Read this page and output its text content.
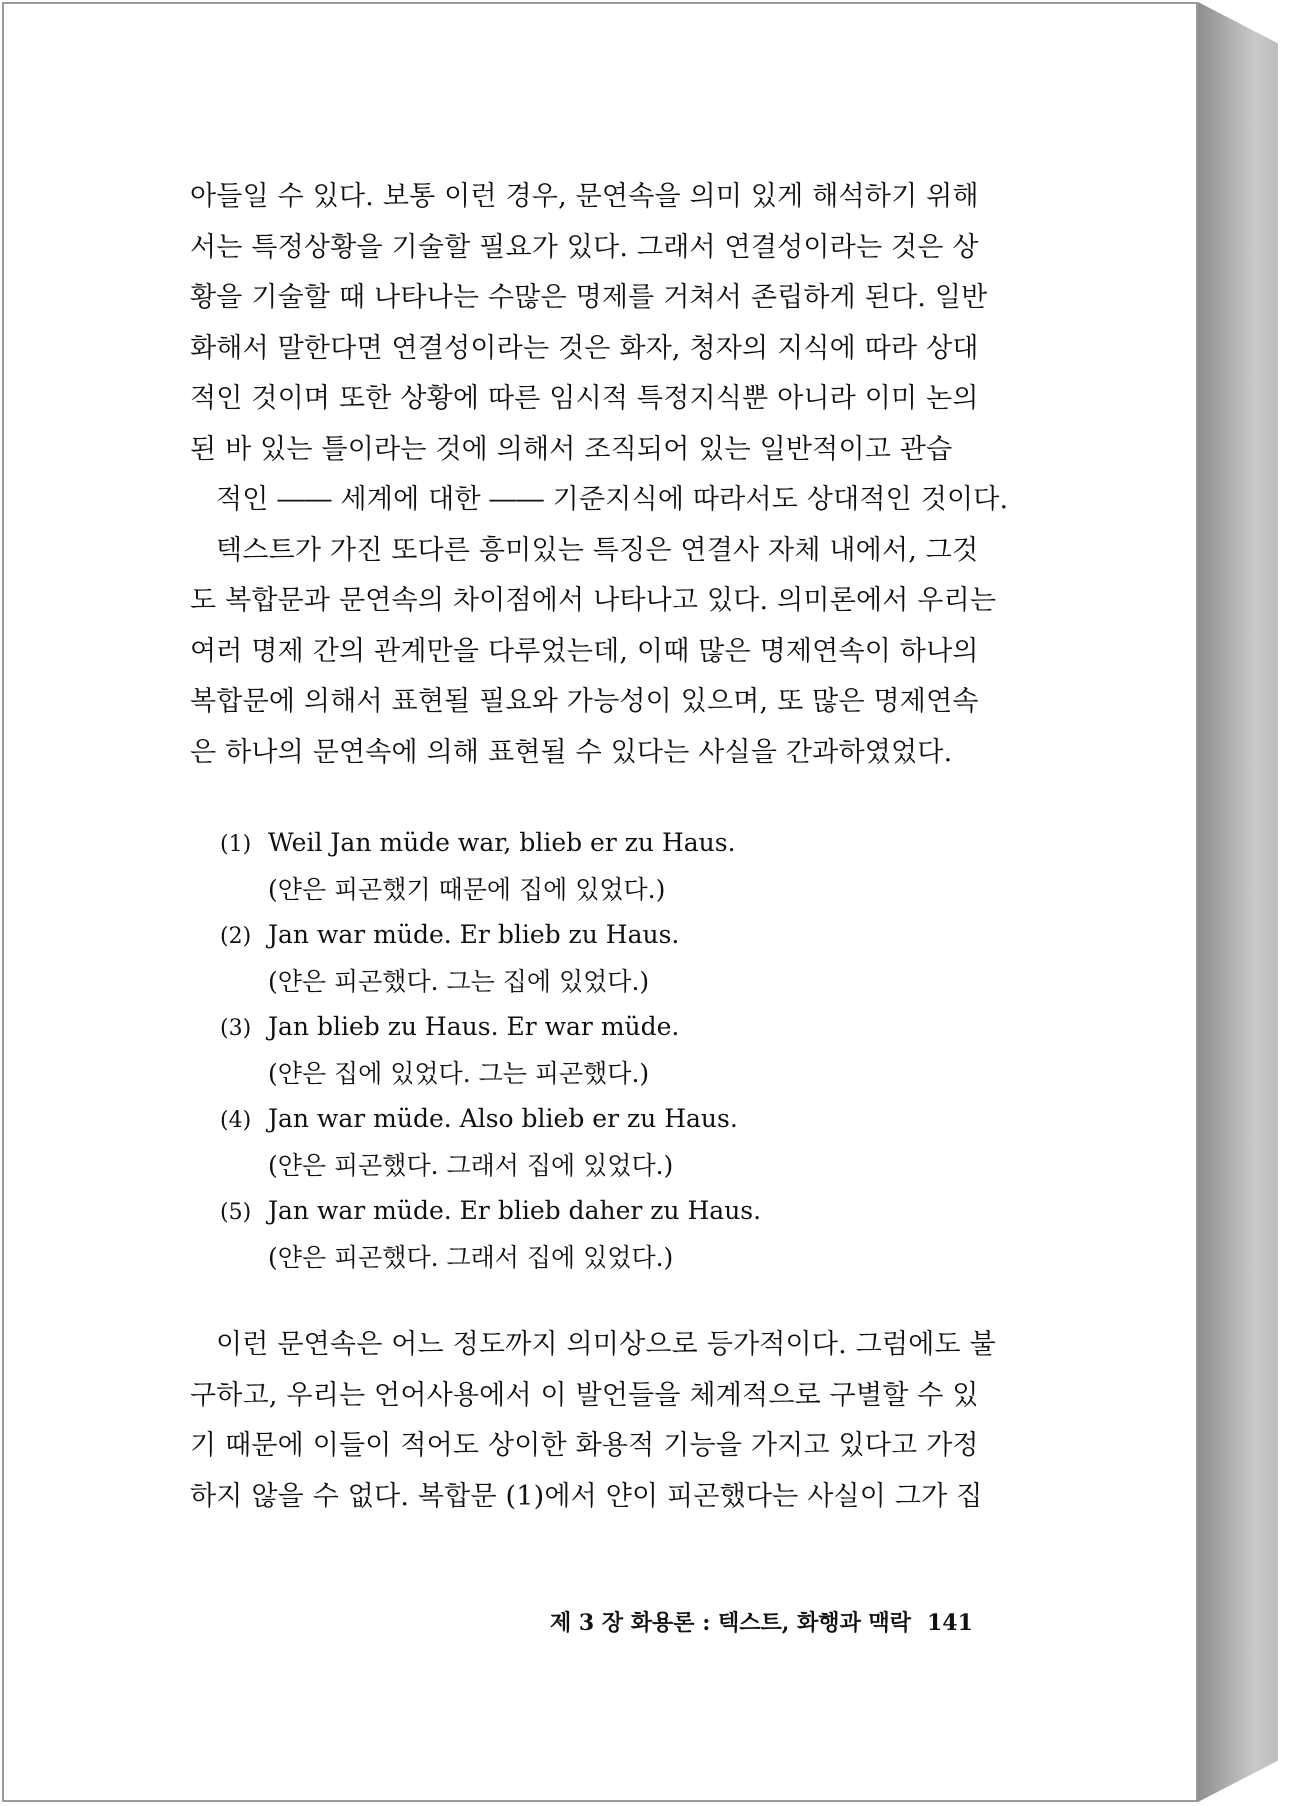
아들일 수 있다. 보통 이런 경우, 문연속을 의미 있게 해석하기 위해

서는 특정상황을 기술할 필요가 있다. 그래서 연결성이라는 것은 상

황을 기술할 때 나타나는 수많은 명제를 거쳐서 존립하게 된다. 일반

화해서 말한다면 연결성이라는 것은 화자, 청자의 지식에 따라 상대

적인 것이며 또한 상황에 따른 임시적 특정지식뿐 아니라 이미 논의

된 바 있는 틀이라는 것에 의해서 조직되어 있는 일반적이고 관습

적인 ―― 세계에 대한 ―― 기준지식에 따라서도 상대적인 것이다.

텍스트가 가진 또다른 흥미있는 특징은 연결사 자체 내에서, 그것

도 복합문과 문연속의 차이점에서 나타나고 있다. 의미론에서 우리는

여러 명제 간의 관계만을 다루었는데, 이때 많은 명제연속이 하나의

복합문에 의해서 표현될 필요와 가능성이 있으며, 또 많은 명제연속

은 하나의 문연속에 의해 표현될 수 있다는 사실을 간과하였었다.

(1) Weil Jan müde war, blieb er zu Haus.
(얀은 피곤했기 때문에 집에 있었다.)
(2) Jan war müde. Er blieb zu Haus.
(얀은 피곤했다. 그는 집에 있었다.)
(3) Jan blieb zu Haus. Er war müde.
(얀은 집에 있었다. 그는 피곤했다.)
(4) Jan war müde. Also blieb er zu Haus.
(얀은 피곤했다. 그래서 집에 있었다.)
(5) Jan war müde. Er blieb daher zu Haus.
(얀은 피곤했다. 그래서 집에 있었다.)

이런 문연속은 어느 정도까지 의미상으로 등가적이다. 그럼에도 불

구하고, 우리는 언어사용에서 이 발언들을 체계적으로 구별할 수 있

기 때문에 이들이 적어도 상이한 화용적 기능을 가지고 있다고 가정

하지 않을 수 없다. 복합문 (1)에서 얀이 피곤했다는 사실이 그가 집

제 3 장 화용론 : 텍스트, 화행과 맥락 141
